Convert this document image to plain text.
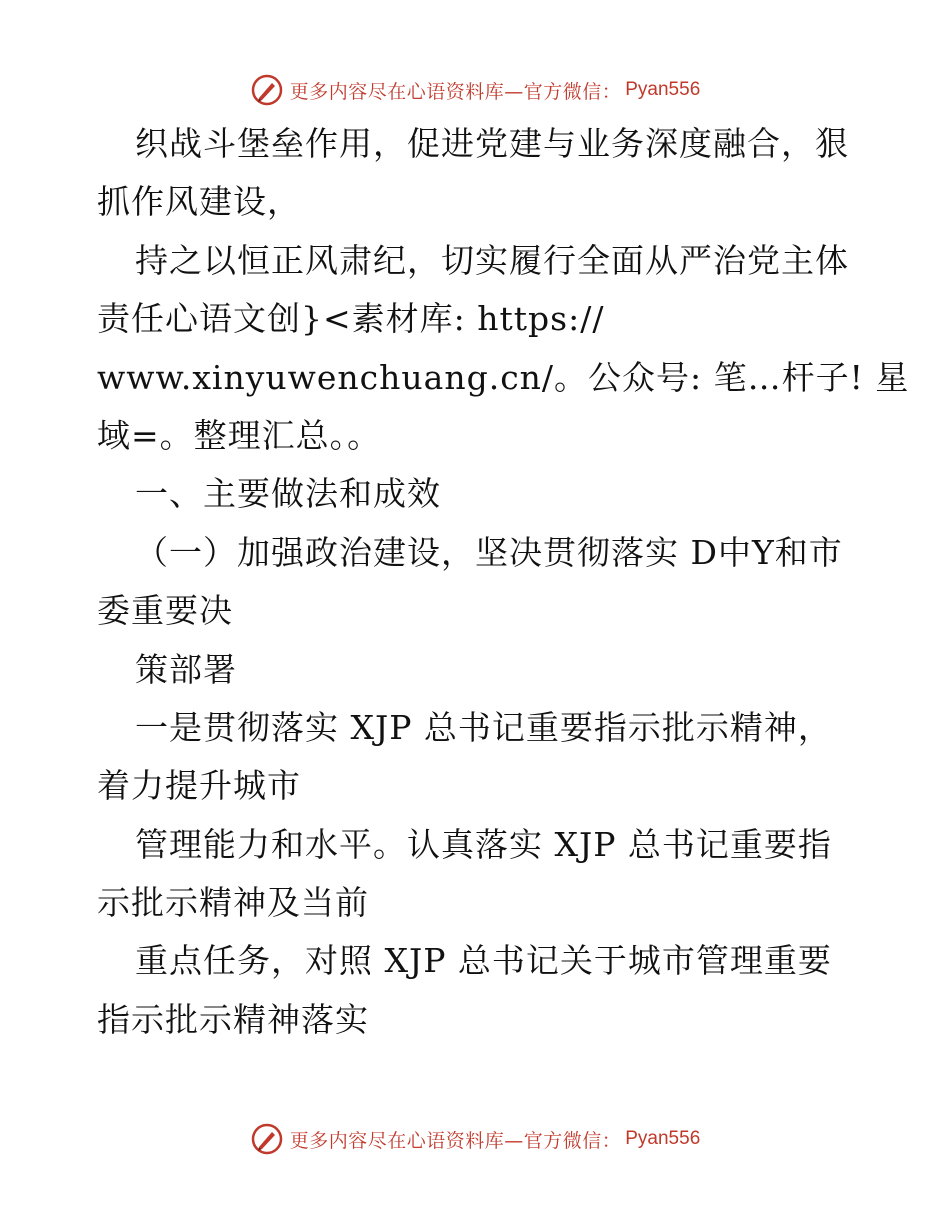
更多内容尽在心语资料库—官方微信： Pyan556
织战斗堡垒作用，促进党建与业务深度融合，狠
抓作风建设，
持之以恒正风肃纪，切实履行全面从严治党主体
责任心语文创}<素材库: https://
www.xinyuwenchuang.cn/。公众号: 笔…杆子! 星
域=。整理汇总。。
一、主要做法和成效
（一）加强政治建设，坚决贯彻落实 D中Y和市
委重要决
策部署
一是贯彻落实 XJP 总书记重要指示批示精神，
着力提升城市
管理能力和水平。认真落实 XJP 总书记重要指
示批示精神及当前
重点任务，对照 XJP 总书记关于城市管理重要
指示批示精神落实
更多内容尽在心语资料库—官方微信： Pyan556
